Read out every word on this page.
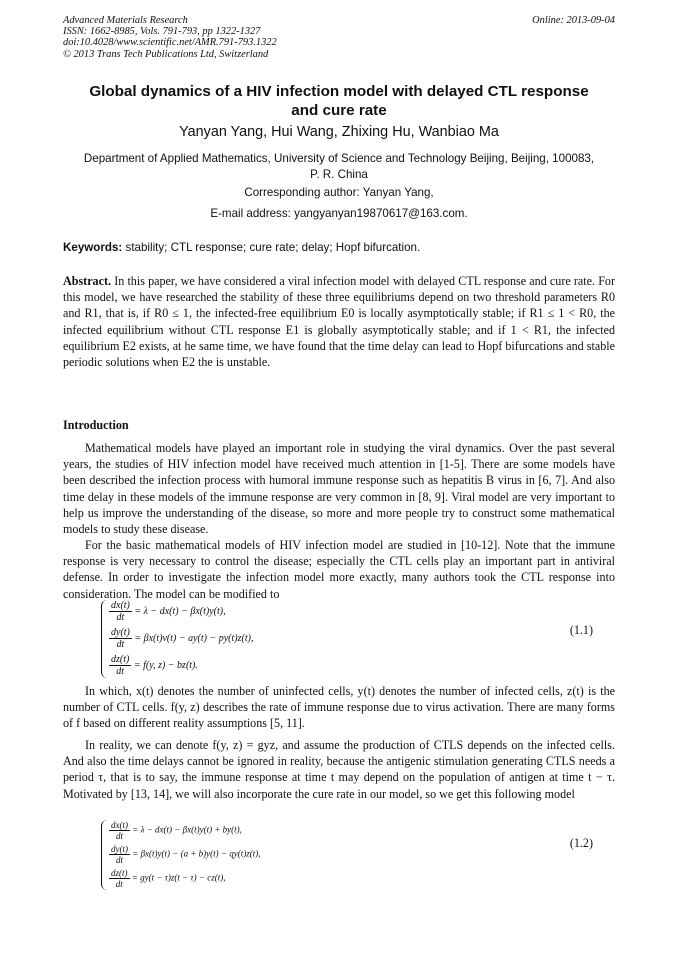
Advanced Materials Research
ISSN: 1662-8985, Vols. 791-793, pp 1322-1327
doi:10.4028/www.scientific.net/AMR.791-793.1322
© 2013 Trans Tech Publications Ltd, Switzerland
Online: 2013-09-04
Global dynamics of a HIV infection model with delayed CTL response
and cure rate
Yanyan Yang, Hui Wang, Zhixing Hu, Wanbiao Ma
Department of Applied Mathematics, University of Science and Technology Beijing, Beijing, 100083,
P. R. China
Corresponding author: Yanyan Yang,
E-mail address: yangyanyan19870617@163.com.
Keywords: stability; CTL response; cure rate; delay; Hopf bifurcation.
Abstract. In this paper, we have considered a viral infection model with delayed CTL response and cure rate. For this model, we have researched the stability of these three equilibriums depend on two threshold parameters R0 and R1, that is, if R0 ≤ 1, the infected-free equilibrium E0 is locally asymptotically stable; if R1 ≤ 1 < R0, the infected equilibrium without CTL response E1 is globally asymptotically stable; and if 1 < R1, the infected equilibrium E2 exists, at he same time, we have found that the time delay can lead to Hopf bifurcations and stable periodic solutions when E2 the is unstable.
Introduction
Mathematical models have played an important role in studying the viral dynamics. Over the past several years, the studies of HIV infection model have received much attention in [1-5]. There are some models have been described the infection process with humoral immune response such as hepatitis B virus in [6, 7]. And also time delay in these models of the immune response are very common in [8, 9]. Viral model are very important to help us improve the understanding of the disease, so more and more people try to construct some mathematical models to study these disease.
For the basic mathematical models of HIV infection model are studied in [10-12]. Note that the immune response is very necessary to control the disease; especially the CTL cells play an important part in antiviral defense. In order to investigate the infection model more exactly, many authors took the CTL response into consideration. The model can be modified to
$\frac{dx(t)}{dt} = \lambda - dx(t) - \beta x(t)y(t)$,
$\frac{dy(t)}{dt} = \beta x(t)v(t) - ay(t) - py(t)z(t)$,
$\frac{dz(t)}{dt} = f(y$, z) − bz(t).
(1.1)
In which, x(t) denotes the number of uninfected cells, y(t) denotes the number of infected cells, z(t) is the number of CTL cells. f(y, z) describes the rate of immune response due to virus activation. There are many forms of f based on different reality assumptions [5, 11].
In reality, we can denote f(y, z) = gyz, and assume the production of CTLS depends on the infected cells. And also the time delays cannot be ignored in reality, because the antigenic stimulation generating CTLS needs a period τ, that is to say, the immune response at time t may depend on the population of antigen at time t − τ. Motivated by [13, 14], we will also incorporate the cure rate in our model, so we get this following model
$\frac{dx(t)}{dt} = \lambda - dx(t) - \beta x(t)y(t) + by(t)$,
$\frac{dy(t)}{dt} = \beta x(t)y(t) - (a + b)y(t) - qy(t)z(t)$,
$\frac{dz(t)}{dt} = gy(t - \tau)z(t - \tau) - cz(t)$,
(1.2)
